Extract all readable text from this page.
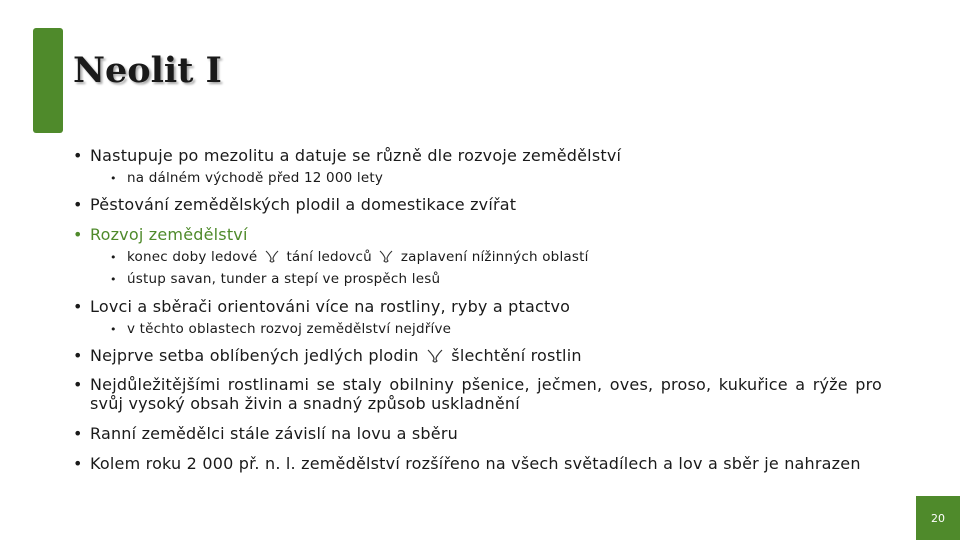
Neolit I
• Nastupuje po mezolitu a datuje se různě dle rozvoje zemědělství
• na dálném východě před 12 000 lety
• Pěstování zemědělských plodil a domestikace zvířat
• Rozvoj zemědělství
• konec doby ledové tání ledovců zaplavení nížinných oblastí
• ústup savan, tunder a stepí ve prospěch lesů
• Lovci a sběrači orientováni více na rostliny, ryby a ptactvo
• v těchto oblastech rozvoj zemědělství nejdříve
• Nejprve setba oblíbených jedlých plodin šlechtění rostlin
• Nejdůležitějšími rostlinami se staly obilniny pšenice, ječmen, oves, proso, kukuřice a rýže pro svůj vysoký obsah živin a snadný způsob uskladnění
• Ranní zemědělci stále závislí na lovu a sběru
• Kolem roku 2 000 př. n. l. zemědělství rozšířeno na všech světadílech a lov a sběr je nahrazen
20
